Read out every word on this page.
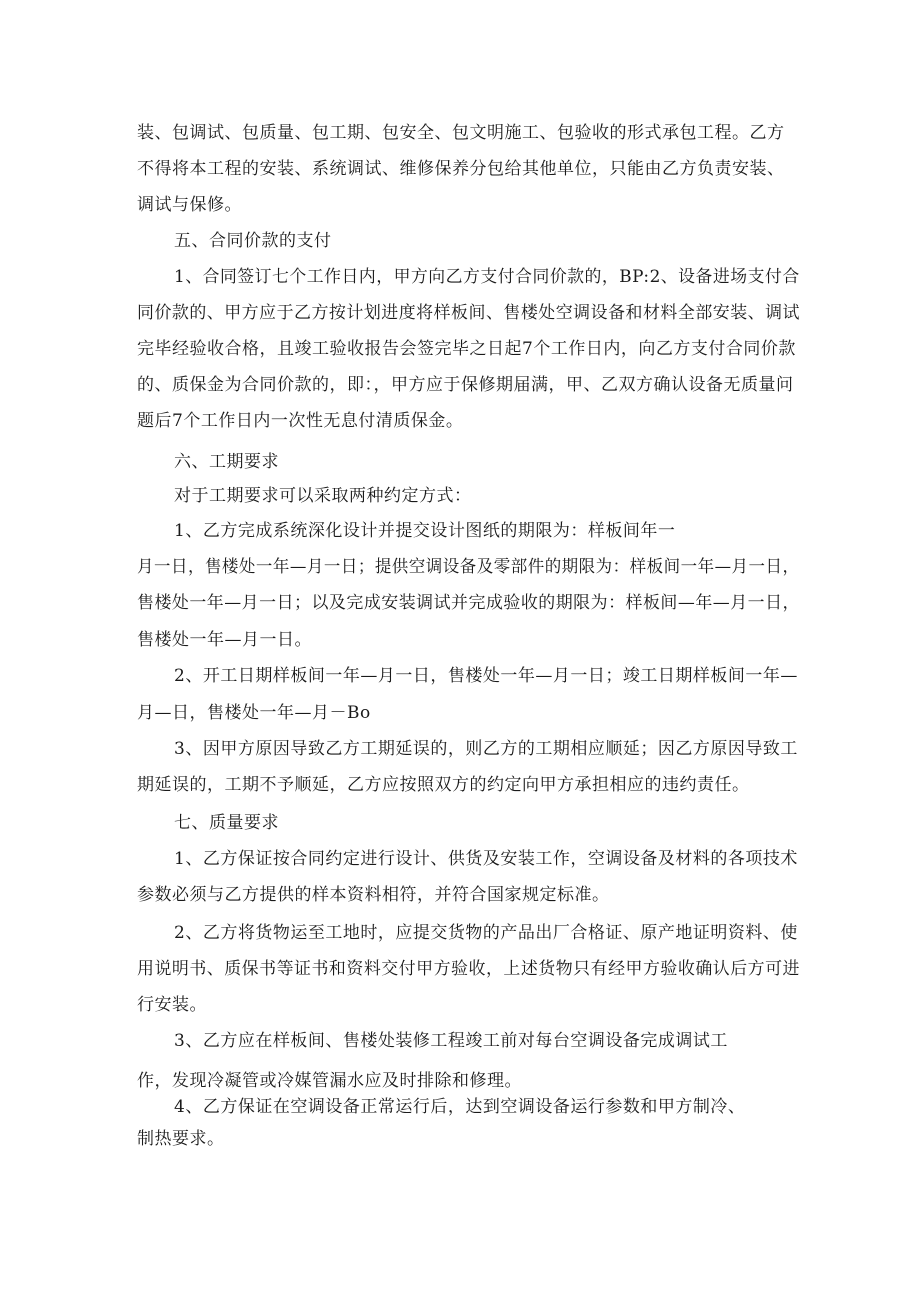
装、包调试、包质量、包工期、包安全、包文明施工、包验收的形式承包工程。乙方
不得将本工程的安装、系统调试、维修保养分包给其他单位，只能由乙方负责安装、
调试与保修。
五、合同价款的支付
1、合同签订七个工作日内，甲方向乙方支付合同价款的，BP:2、设备进场支付合
同价款的、甲方应于乙方按计划进度将样板间、售楼处空调设备和材料全部安装、调试
完毕经验收合格，且竣工验收报告会签完毕之日起7个工作日内，向乙方支付合同价款
的、质保金为合同价款的，即：，甲方应于保修期届满，甲、乙双方确认设备无质量问
题后7个工作日内一次性无息付清质保金。
六、工期要求
对于工期要求可以采取两种约定方式：
1、乙方完成系统深化设计并提交设计图纸的期限为：样板间年一
月一日，售楼处一年—月一日；提供空调设备及零部件的期限为：样板间一年—月一日，
售楼处一年—月一日；以及完成安装调试并完成验收的期限为：样板间—年—月一日，
售楼处一年—月一日。
2、开工日期样板间一年—月一日，售楼处一年—月一日；竣工日期样板间一年—
月—日，售楼处一年—月－Bo
3、因甲方原因导致乙方工期延误的，则乙方的工期相应顺延；因乙方原因导致工
期延误的，工期不予顺延，乙方应按照双方的约定向甲方承担相应的违约责任。
七、质量要求
1、乙方保证按合同约定进行设计、供货及安装工作，空调设备及材料的各项技术
参数必须与乙方提供的样本资料相符，并符合国家规定标准。
2、乙方将货物运至工地时，应提交货物的产品出厂合格证、原产地证明资料、使
用说明书、质保书等证书和资料交付甲方验收，上述货物只有经甲方验收确认后方可进
行安装。
3、乙方应在样板间、售楼处装修工程竣工前对每台空调设备完成调试工
作，发现冷凝管或冷媒管漏水应及时排除和修理。
4、乙方保证在空调设备正常运行后，达到空调设备运行参数和甲方制冷、
制热要求。
